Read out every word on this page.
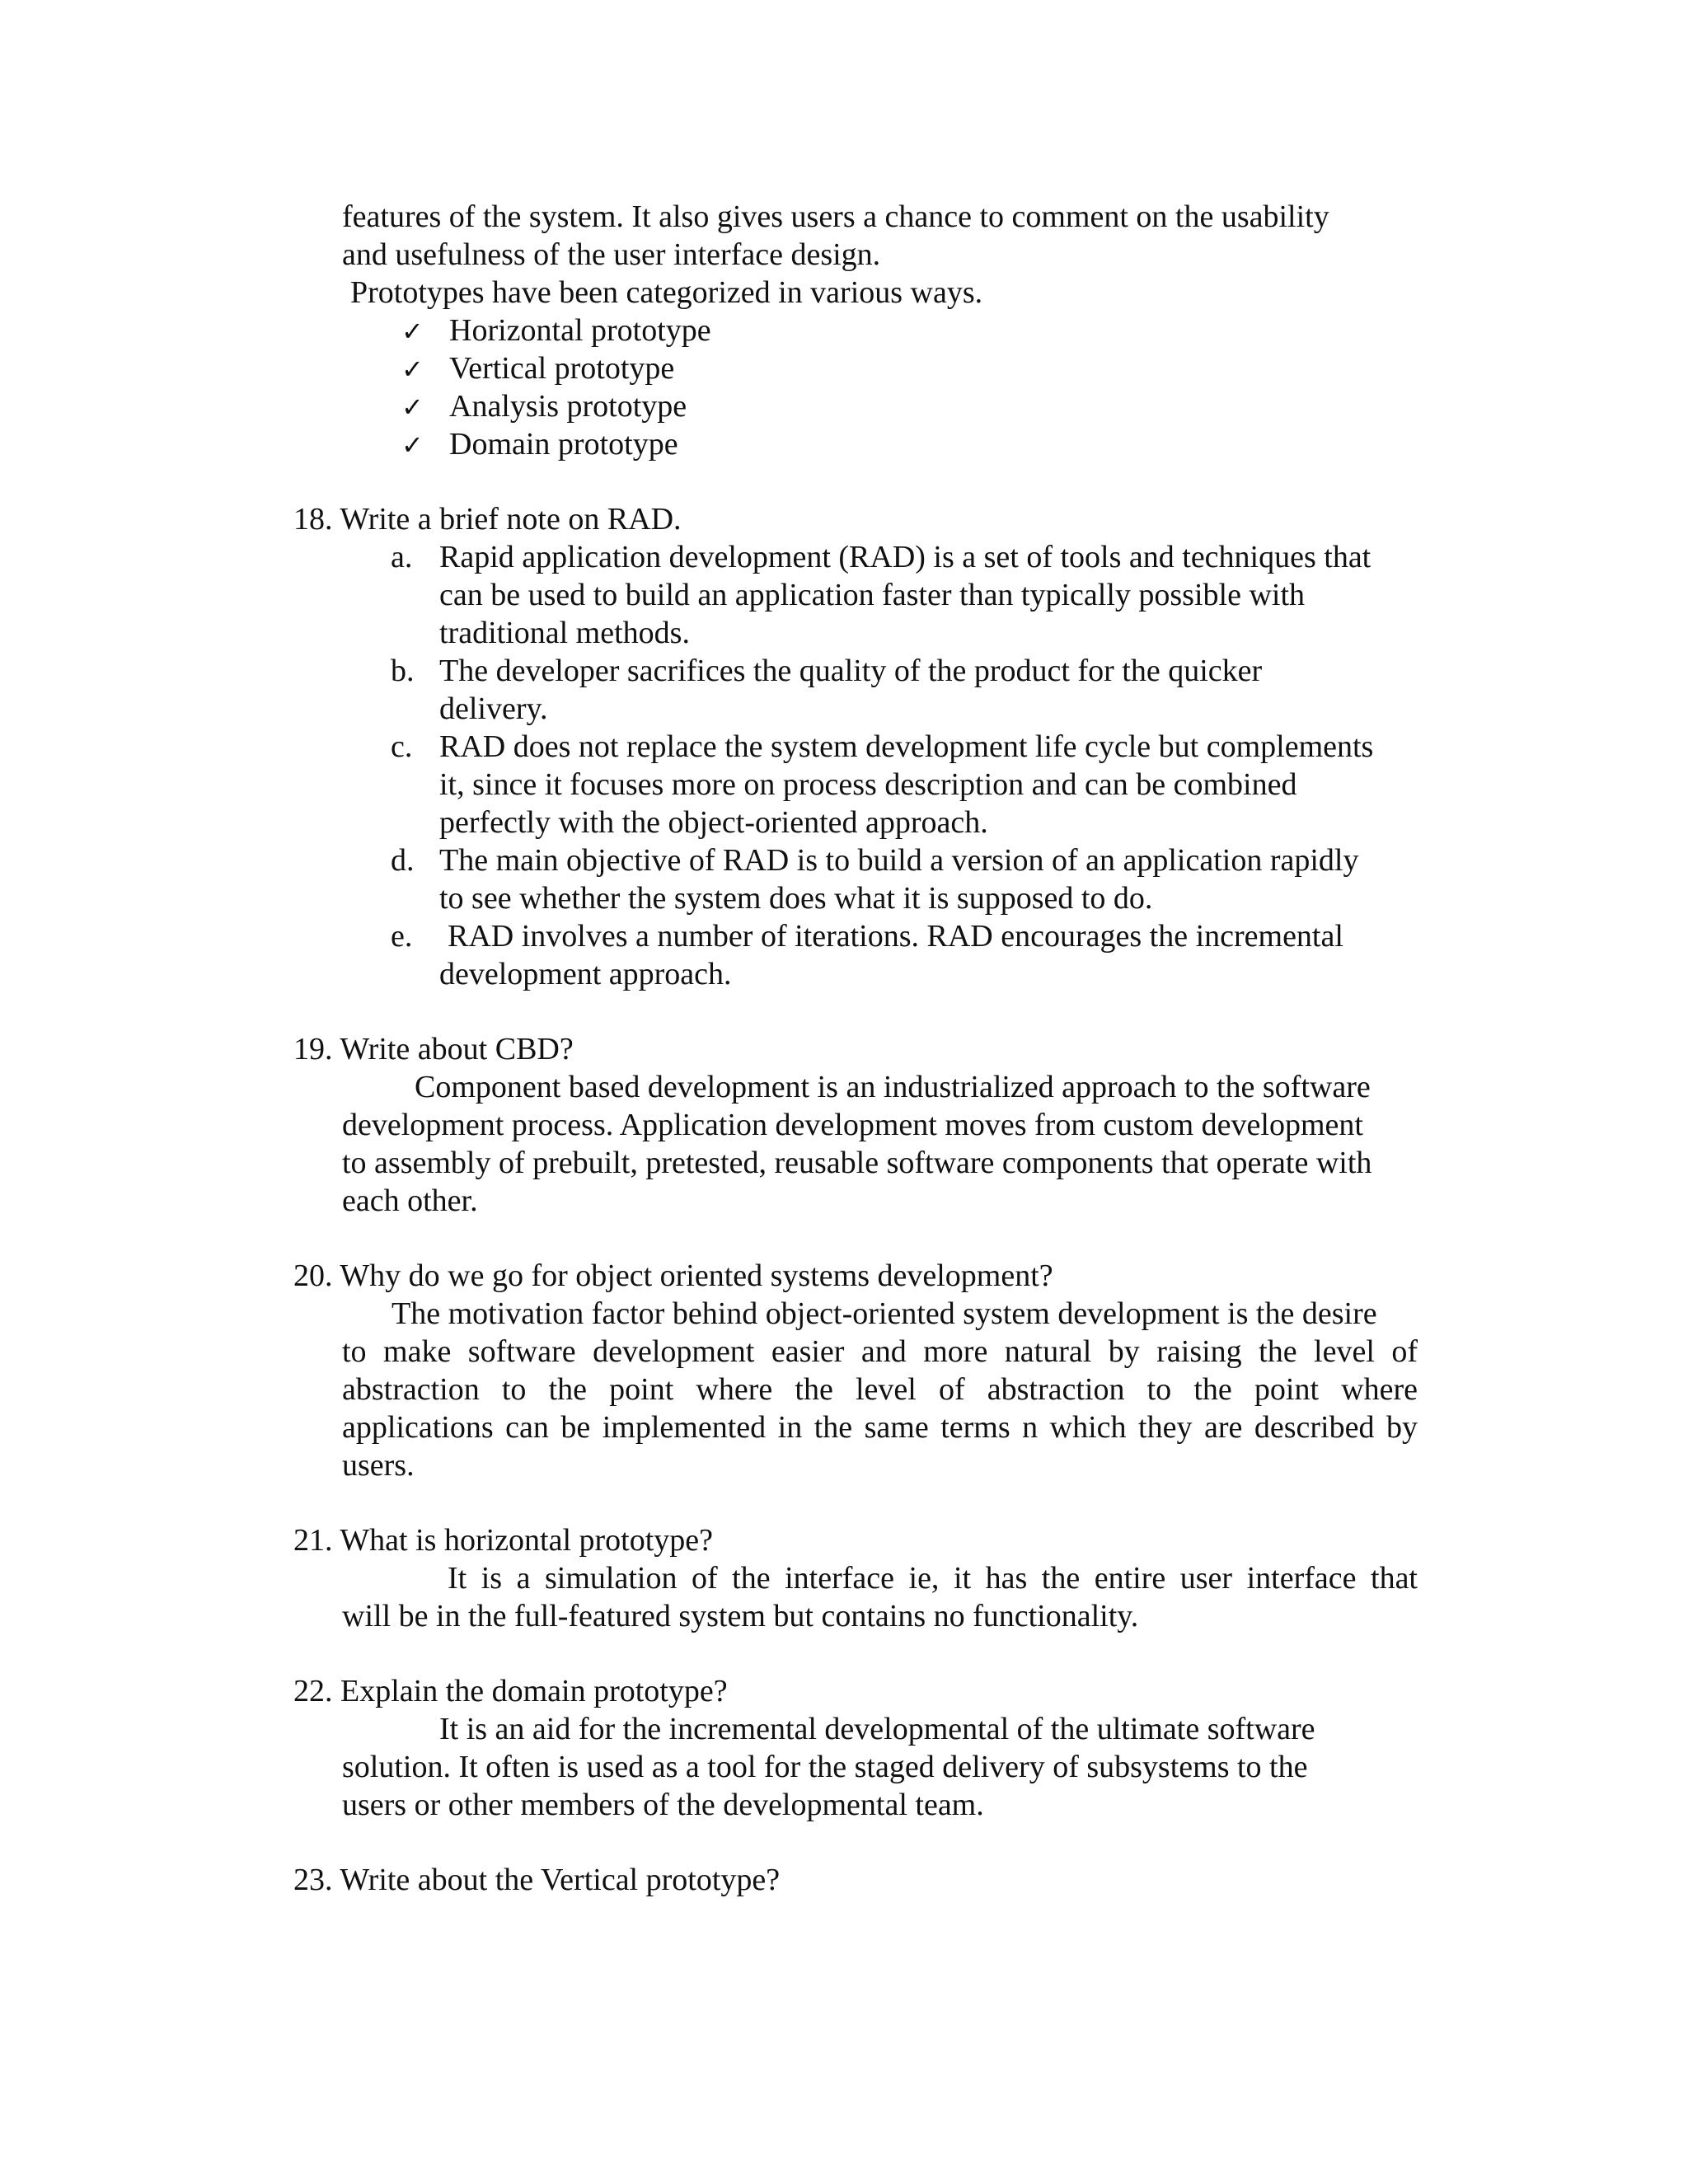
features of the system. It also gives users a chance to comment on the usability
and usefulness of the user interface design.
Prototypes have been categorized in various ways.
✓ Horizontal prototype
✓ Vertical prototype
✓ Analysis prototype
✓ Domain prototype
18. Write a brief note on RAD.
a. Rapid application development (RAD) is a set of tools and techniques that
can be used to build an application faster than typically possible with
traditional methods.
b. The developer sacrifices the quality of the product for the quicker
delivery.
c. RAD does not replace the system development life cycle but complements
it, since it focuses more on process description and can be combined
perfectly with the object-oriented approach.
d. The main objective of RAD is to build a version of an application rapidly
to see whether the system does what it is supposed to do.
e. RAD involves a number of iterations. RAD encourages the incremental
development approach.
19. Write about CBD?
Component based development is an industrialized approach to the software
development process. Application development moves from custom development
to assembly of prebuilt, pretested, reusable software components that operate with
each other.
20. Why do we go for object oriented systems development?
The motivation factor behind object-oriented system development is the desire
to make software development easier and more natural by raising the level of
abstraction to the point where the level of abstraction to the point where
applications can be implemented in the same terms n which they are described by
users.
21. What is horizontal prototype?
It is a simulation of the interface ie, it has the entire user interface that
will be in the full-featured system but contains no functionality.
22. Explain the domain prototype?
It is an aid for the incremental developmental of the ultimate software
solution. It often is used as a tool for the staged delivery of subsystems to the
users or other members of the developmental team.
23. Write about the Vertical prototype?
